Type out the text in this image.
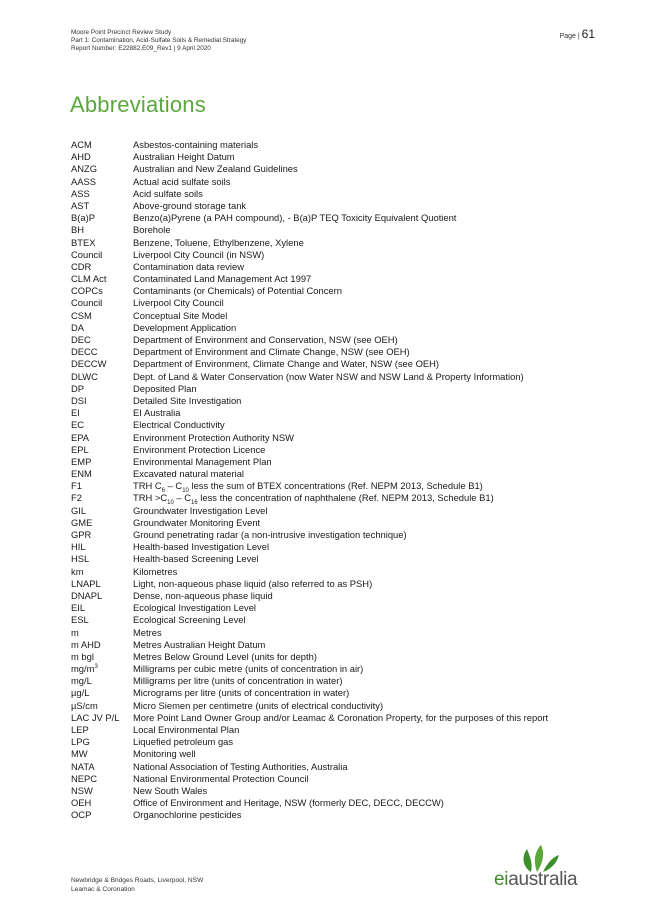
Moore Point Precinct Review Study
Part 1: Contamination, Acid-Sulfate Soils & Remedial Strategy
Report Number: E22882.E09_Rev1 | 9 April 2020
Page | 61
Abbreviations
ACM	Asbestos-containing materials
AHD	Australian Height Datum
ANZG	Australian and New Zealand Guidelines
AASS	Actual acid sulfate soils
ASS	Acid sulfate soils
AST	Above-ground storage tank
B(a)P	Benzo(a)Pyrene (a PAH compound), - B(a)P TEQ Toxicity Equivalent Quotient
BH	Borehole
BTEX	Benzene, Toluene, Ethylbenzene, Xylene
Council	Liverpool City Council (in NSW)
CDR	Contamination data review
CLM Act	Contaminated Land Management Act 1997
COPCs	Contaminants (or Chemicals) of Potential Concern
Council	Liverpool City Council
CSM	Conceptual Site Model
DA	Development Application
DEC	Department of Environment and Conservation, NSW (see OEH)
DECC	Department of Environment and Climate Change, NSW (see OEH)
DECCW	Department of Environment, Climate Change and Water, NSW (see OEH)
DLWC	Dept. of Land & Water Conservation (now Water NSW and NSW Land & Property Information)
DP	Deposited Plan
DSI	Detailed Site Investigation
EI	EI Australia
EC	Electrical Conductivity
EPA	Environment Protection Authority NSW
EPL	Environment Protection Licence
EMP	Environmental Management Plan
ENM	Excavated natural material
F1	TRH $C_6 - C_{10}$ less the sum of BTEX concentrations (Ref. NEPM 2013, Schedule B1)
F2	TRH $>C_{10} - C_{16}$ less the concentration of naphthalene (Ref. NEPM 2013, Schedule B1)
GIL	Groundwater Investigation Level
GME	Groundwater Monitoring Event
GPR	Ground penetrating radar (a non-intrusive investigation technique)
HIL	Health-based Investigation Level
HSL	Health-based Screening Level
km	Kilometres
LNAPL	Light, non-aqueous phase liquid (also referred to as PSH)
DNAPL	Dense, non-aqueous phase liquid
EIL	Ecological Investigation Level
ESL	Ecological Screening Level
m	Metres
m AHD	Metres Australian Height Datum
m bgl	Metres Below Ground Level (units for depth)
$mg/m^3$	Milligrams per cubic metre (units of concentration in air)
mg/L	Milligrams per litre (units of concentration in water)
µg/L	Micrograms per litre (units of concentration in water)
µS/cm	Micro Siemen per centimetre (units of electrical conductivity)
LAC JV P/L	More Point Land Owner Group and/or Leamac & Coronation Property, for the purposes of this report
LEP	Local Environmental Plan
LPG	Liquefied petroleum gas
MW	Monitoring well
NATA	National Association of Testing Authorities, Australia
NEPC	National Environmental Protection Council
NSW	New South Wales
OEH	Office of Environment and Heritage, NSW (formerly DEC, DECC, DECCW)
OCP	Organochlorine pesticides
Newbridge & Bridges Roads, Liverpool, NSW
Leamac & Coronation	eiaustralia
